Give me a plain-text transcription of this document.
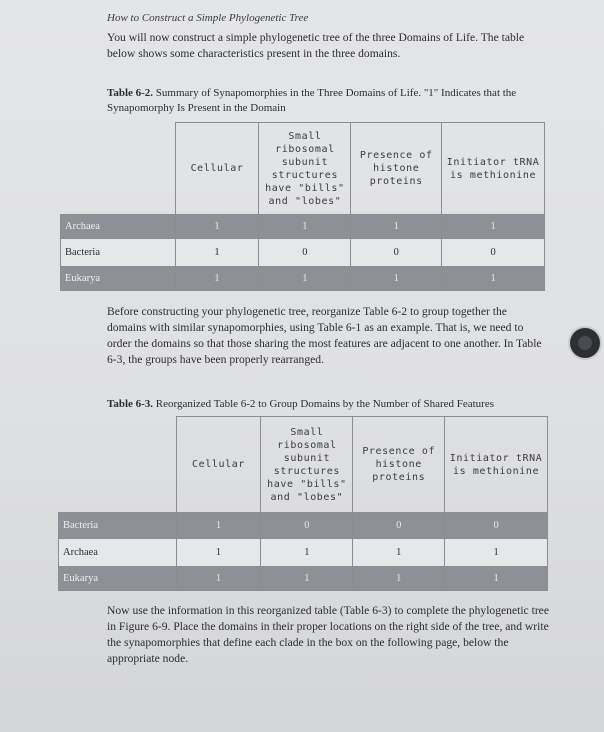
How to Construct a Simple Phylogenetic Tree
You will now construct a simple phylogenetic tree of the three Domains of Life. The table below shows some characteristics present in the three domains.
Table 6-2. Summary of Synapomorphies in the Three Domains of Life. "1" Indicates that the Synapomorphy Is Present in the Domain
	Cellular	Small ribosomal subunit structures have "bills" and "lobes"	Presence of histone proteins	Initiator tRNA is methionine
Archaea	1	1	1	1
Bacteria	1	0	0	0
Eukarya	1	1	1	1
Before constructing your phylogenetic tree, reorganize Table 6-2 to group together the domains with similar synapomorphies, using Table 6-1 as an example. That is, we need to order the domains so that those sharing the most features are adjacent to one another. In Table 6-3, the groups have been properly rearranged.
Table 6-3. Reorganized Table 6-2 to Group Domains by the Number of Shared Features
	Cellular	Small ribosomal subunit structures have "bills" and "lobes"	Presence of histone proteins	Initiator tRNA is methionine
Bacteria	1	0	0	0
Archaea	1	1	1	1
Eukarya	1	1	1	1
Now use the information in this reorganized table (Table 6-3) to complete the phylogenetic tree in Figure 6-9. Place the domains in their proper locations on the right side of the tree, and write the synapomorphies that define each clade in the box on the following page, below the appropriate node.
